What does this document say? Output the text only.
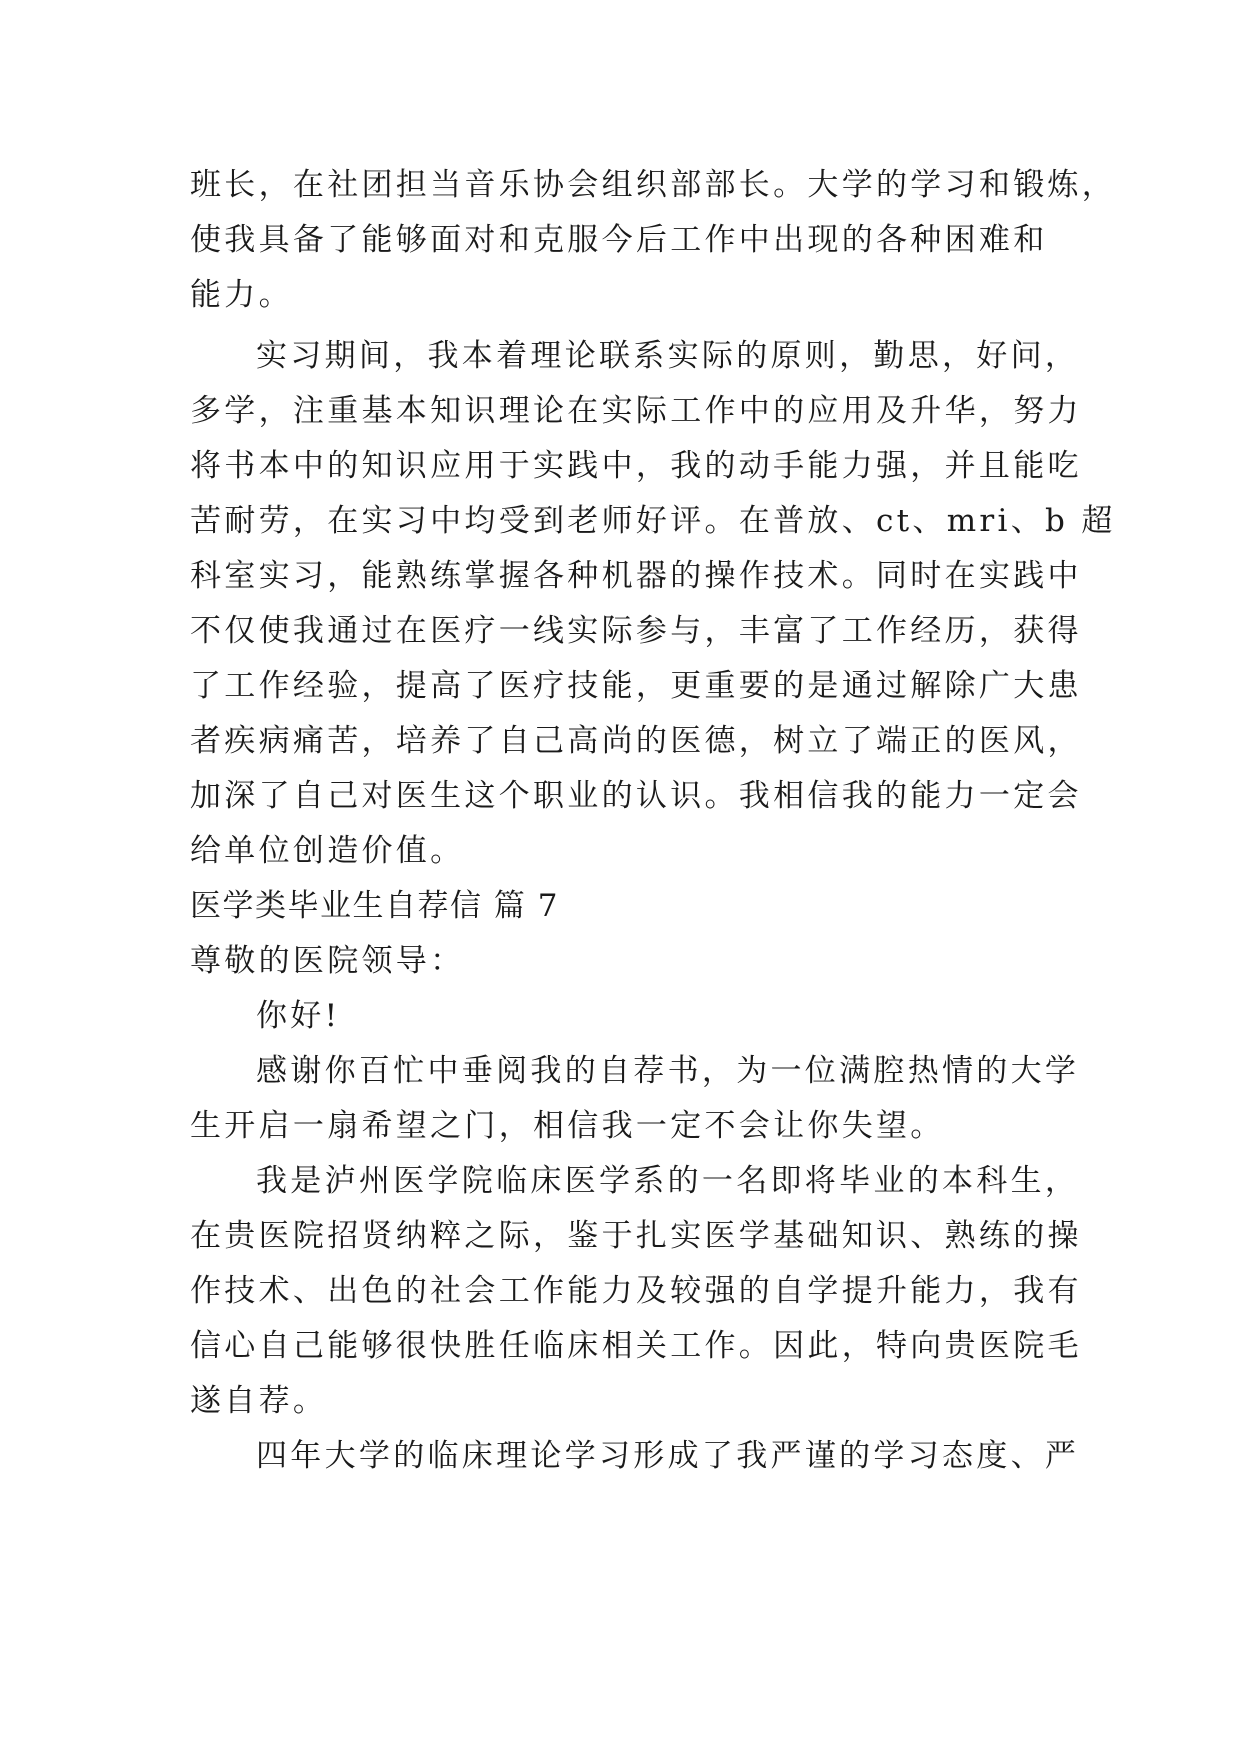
班长，在社团担当音乐协会组织部部长。大学的学习和锻炼，
使我具备了能够面对和克服今后工作中出现的各种困难和
能力。
实习期间，我本着理论联系实际的原则，勤思，好问，
多学，注重基本知识理论在实际工作中的应用及升华，努力
将书本中的知识应用于实践中，我的动手能力强，并且能吃
苦耐劳，在实习中均受到老师好评。在普放、ct、mri、b 超
科室实习，能熟练掌握各种机器的操作技术。同时在实践中
不仅使我通过在医疗一线实际参与，丰富了工作经历，获得
了工作经验，提高了医疗技能，更重要的是通过解除广大患
者疾病痛苦，培养了自己高尚的医德，树立了端正的医风，
加深了自己对医生这个职业的认识。我相信我的能力一定会
给单位创造价值。
医学类毕业生自荐信 篇 7
尊敬的医院领导：
你好!
感谢你百忙中垂阅我的自荐书，为一位满腔热情的大学
生开启一扇希望之门，相信我一定不会让你失望。
我是泸州医学院临床医学系的一名即将毕业的本科生，
在贵医院招贤纳粹之际，鉴于扎实医学基础知识、熟练的操
作技术、出色的社会工作能力及较强的自学提升能力，我有
信心自己能够很快胜任临床相关工作。因此，特向贵医院毛
遂自荐。
四年大学的临床理论学习形成了我严谨的学习态度、严
